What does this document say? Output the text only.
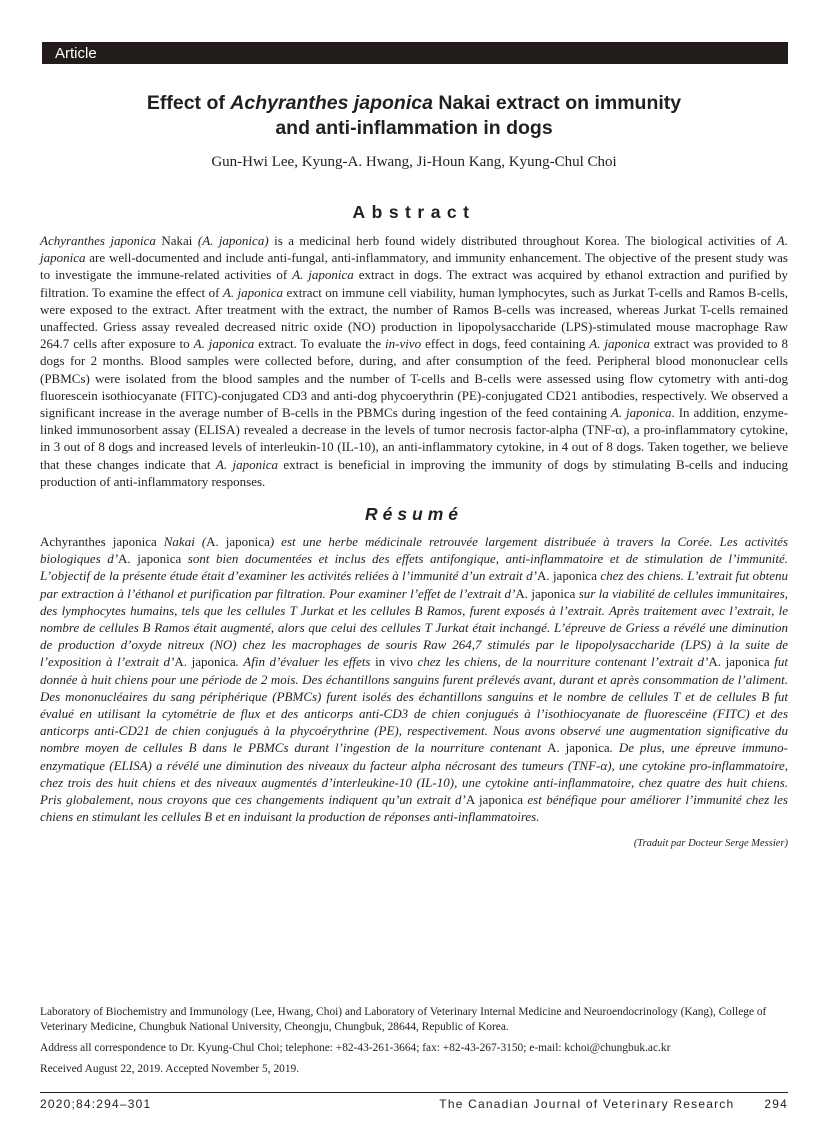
Article
Effect of Achyranthes japonica Nakai extract on immunity
and anti-inflammation in dogs
Gun-Hwi Lee, Kyung-A. Hwang, Ji-Houn Kang, Kyung-Chul Choi
Abstract
Achyranthes japonica Nakai (A. japonica) is a medicinal herb found widely distributed throughout Korea. The biological activities of A. japonica are well-documented and include anti-fungal, anti-inflammatory, and immunity enhancement. The objective of the present study was to investigate the immune-related activities of A. japonica extract in dogs. The extract was acquired by ethanol extraction and purified by filtration. To examine the effect of A. japonica extract on immune cell viability, human lymphocytes, such as Jurkat T-cells and Ramos B-cells, were exposed to the extract. After treatment with the extract, the number of Ramos B-cells was increased, whereas Jurkat T-cells remained unaffected. Griess assay revealed decreased nitric oxide (NO) production in lipopolysaccharide (LPS)-stimulated mouse macrophage Raw 264.7 cells after exposure to A. japonica extract. To evaluate the in-vivo effect in dogs, feed containing A. japonica extract was provided to 8 dogs for 2 months. Blood samples were collected before, during, and after consumption of the feed. Peripheral blood mononuclear cells (PBMCs) were isolated from the blood samples and the number of T-cells and B-cells were assessed using flow cytometry with anti-dog fluorescein isothiocyanate (FITC)-conjugated CD3 and anti-dog phycoerythrin (PE)-conjugated CD21 antibodies, respectively. We observed a significant increase in the average number of B-cells in the PBMCs during ingestion of the feed containing A. japonica. In addition, enzyme-linked immunosorbent assay (ELISA) revealed a decrease in the levels of tumor necrosis factor-alpha (TNF-α), a pro-inflammatory cytokine, in 3 out of 8 dogs and increased levels of interleukin-10 (IL-10), an anti-inflammatory cytokine, in 4 out of 8 dogs. Taken together, we believe that these changes indicate that A. japonica extract is beneficial in improving the immunity of dogs by stimulating B-cells and inducing production of anti-inflammatory responses.
Résumé
Achyranthes japonica Nakai (A. japonica) est une herbe médicinale retrouvée largement distribuée à travers la Corée. Les activités biologiques d’A. japonica sont bien documentées et inclus des effets antifongique, anti-inflammatoire et de stimulation de l’immunité. L’objectif de la présente étude était d’examiner les activités reliées à l’immunité d’un extrait d’A. japonica chez des chiens. L’extrait fut obtenu par extraction à l’éthanol et purification par filtration. Pour examiner l’effet de l’extrait d’A. japonica sur la viabilité de cellules immunitaires, des lymphocytes humains, tels que les cellules T Jurkat et les cellules B Ramos, furent exposés à l’extrait. Après traitement avec l’extrait, le nombre de cellules B Ramos était augmenté, alors que celui des cellules T Jurkat était inchangé. L’épreuve de Griess a révélé une diminution de production d’oxyde nitreux (NO) chez les macrophages de souris Raw 264,7 stimulés par le lipopolysaccharide (LPS) à la suite de l’exposition à l’extrait d’A. japonica. Afin d’évaluer les effets in vivo chez les chiens, de la nourriture contenant l’extrait d’A. japonica fut donnée à huit chiens pour une période de 2 mois. Des échantillons sanguins furent prélevés avant, durant et après consommation de l’aliment. Des mononucléaires du sang périphérique (PBMCs) furent isolés des échantillons sanguins et le nombre de cellules T et de cellules B fut évalué en utilisant la cytométrie de flux et des anticorps anti-CD3 de chien conjugués à l’isothiocyanate de fluorescéine (FITC) et des anticorps anti-CD21 de chien conjugués à la phycoérythrine (PE), respectivement. Nous avons observé une augmentation significative du nombre moyen de cellules B dans le PBMCs durant l’ingestion de la nourriture contenant A. japonica. De plus, une épreuve immuno-enzymatique (ELISA) a révélé une diminution des niveaux du facteur alpha nécrosant des tumeurs (TNF-α), une cytokine pro-inflammatoire, chez trois des huit chiens et des niveaux augmentés d’interleukine-10 (IL-10), une cytokine anti-inflammatoire, chez quatre des huit chiens. Pris globalement, nous croyons que ces changements indiquent qu’un extrait d’A japonica est bénéfique pour améliorer l’immunité chez les chiens en stimulant les cellules B et en induisant la production de réponses anti-inflammatoires.
(Traduit par Docteur Serge Messier)

Laboratory of Biochemistry and Immunology (Lee, Hwang, Choi) and Laboratory of Veterinary Internal Medicine and Neuroendocrinology (Kang), College of Veterinary Medicine, Chungbuk National University, Cheongju, Chungbuk, 28644, Republic of Korea.

Address all correspondence to Dr. Kyung-Chul Choi; telephone: +82-43-261-3664; fax: +82-43-267-3150; e-mail: kchoi@chungbuk.ac.kr

Received August 22, 2019. Accepted November 5, 2019.

2020;84:294–301	The Canadian Journal of Veterinary Research	294
